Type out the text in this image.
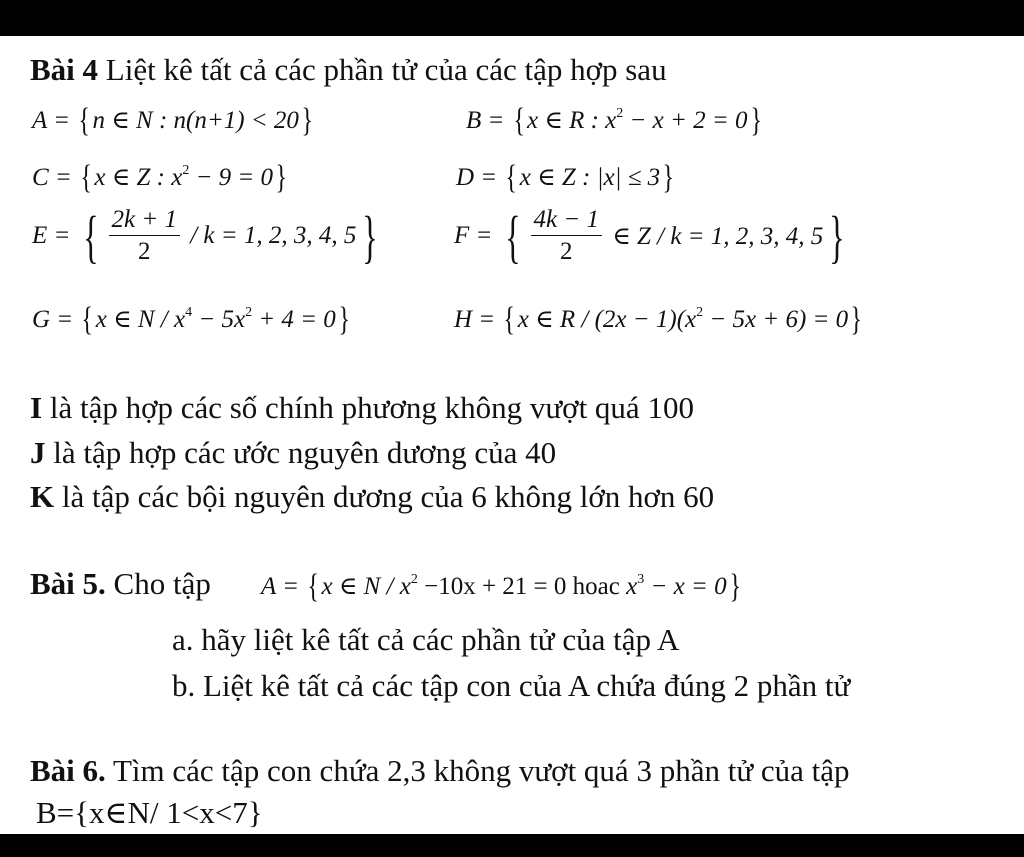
Bài 4 Liệt kê tất cả các phần tử của các tập hợp sau
A = {n ∈ N : n(n+1) < 20}	B = {x ∈ R : $x^2 - x + 2 = 0$}
C = {x ∈ Z : $x^2 - 9 = 0$}	D = {x ∈ Z : |x| ≤ 3}
E = { $\frac{2k + 1}{2} / k = 1$, 2, 3, 4, 5 }	F = { $\frac{4k - 1}{2}$ ∈ Z / k = 1, 2, 3, 4, 5 }
G = {x ∈ $N / x^4 - 5x^2 + 4 = 0$}	H = {x ∈ $R / (2x - 1)(x^2 - 5x + 6) = 0$}
I là tập hợp các số chính phương không vượt quá 100
J là tập hợp các ước nguyên dương của 40
K là tập các bội nguyên dương của 6 không lớn hơn 60
Bài 5. Cho tập A = {x ∈ $N / x^2 -10x + 21 = 0$ hoac $x^3 - x = 0$}
a. hãy liệt kê tất cả các phần tử của tập A
b. Liệt kê tất cả các tập con của A chứa đúng 2 phần tử
Bài 6. Tìm các tập con chứa 2,3 không vượt quá 3 phần tử của tập
B={x∈N/ 1<x<7}
